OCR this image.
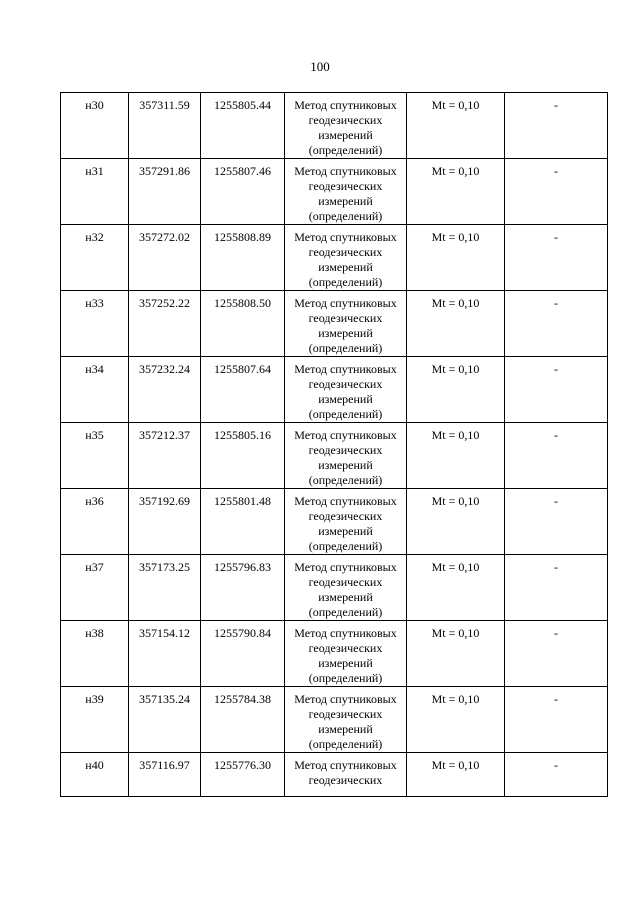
100
н30	357311.59	1255805.44	Метод спутниковых
геодезических
измерений
(определений)	Mt = 0,10	-
н31	357291.86	1255807.46	Метод спутниковых
геодезических
измерений
(определений)	Mt = 0,10	-
н32	357272.02	1255808.89	Метод спутниковых
геодезических
измерений
(определений)	Mt = 0,10	-
н33	357252.22	1255808.50	Метод спутниковых
геодезических
измерений
(определений)	Mt = 0,10	-
н34	357232.24	1255807.64	Метод спутниковых
геодезических
измерений
(определений)	Mt = 0,10	-
н35	357212.37	1255805.16	Метод спутниковых
геодезических
измерений
(определений)	Mt = 0,10	-
н36	357192.69	1255801.48	Метод спутниковых
геодезических
измерений
(определений)	Mt = 0,10	-
н37	357173.25	1255796.83	Метод спутниковых
геодезических
измерений
(определений)	Mt = 0,10	-
н38	357154.12	1255790.84	Метод спутниковых
геодезических
измерений
(определений)	Mt = 0,10	-
н39	357135.24	1255784.38	Метод спутниковых
геодезических
измерений
(определений)	Mt = 0,10	-
н40	357116.97	1255776.30	Метод спутниковых
геодезических	Mt = 0,10	-
